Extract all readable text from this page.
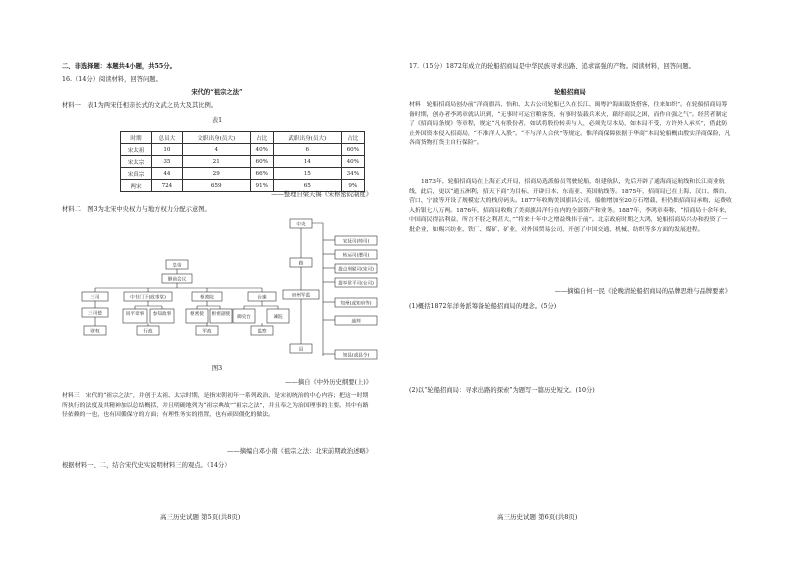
二、非选择题：本题共4小题，共55分。

16.（14分）阅读材料，回答问题。

宋代的“祖宗之法”

材料一　表1为两宋任相亲长式的文武之员大及其比例。

表1

时期	总员大	文职出身(员大)	占比	武职出身(员大)	占比
宋太祖	10	4	40%	6	60%
宋太宗	35	21	60%	14	40%
宋真宗	44	29	66%	15	34%
两宋	724	659	91%	65	9%

——整理自梁天锡《宋枢密院制度》

材料二　图3为北宋中央权力与地方权力分配示意图。

皇帝
御前会议
三司	中书门下(政事堂)	枢密院	台谏
三司使	同平章事 参知政事	枢密使 枢密副使
御史台	谏院
财权	行政	军政	监察
中央
路
府州军监
县
安抚司(帅司)
转运司(漕司)
提点刑狱司(宪司)
提举常平司(仓司)
知州(或知府等)
通判
知县(或县令)

图3

——摘自《中外历史纲要(上)》

材料三　宋代的“祖宗之法”，并创于太祖、太宗时期，是指宋朝初年一系列政治、是宋初统治的中心内容；把这一时期所执行的法度及其精神加以总结概括，并且明确地列为“祖宗典故”“祖宗之法”，并且奉之为治国理事的主要。其中有路径依赖的一也，也有因循保守的方面；有理性务实的措置，也有顽固僵化的做法。

——摘编自邓小南《祖宗之法：北宋前期政治述略》

根据材料一、二，结合宋代史实说明材料三的观点。（14分）

高三历史试题 第5页(共8页)

17.（15分）1872年成立的轮船招商局是中华民族寻求出路、追求富强的产物。阅读材料，回答问题。

轮船招商局

材料　轮船招商局创办前“洋商旗昌、怡和、太古公司轮船已久在长江、闽粤沪海面载货搭客，往来如织”。在轮船招商局筹备时期，创办者李鸿章就认识到，“无事时可运官粮客货，有事时装载兵米火，藉纾商民之困，而作自强之气”。经营者制定了《招商局条规》等章程，规定“凡有股份者，如试将股份转卖与人，必须先尽本局，如本局不受，方许外人承买”，借此防止外国资本侵入招商局，“不准洋人入股”。“不与洋人合伙”等规定。惟洋商保障依据于华商“本局轮船概由殷实洋商保险，凡各商货物打货主自行保险”。

1873年，轮船招商局在上海正式开局，招商局选派船员驾驶轮船，组建航队，先后开辟了通海商运航线和长江商业航线，此后，更以“通五洲利，招天下商”为目标，开辟日本、东南亚、英国航线等。1875年，招商局已在上海、汉口、烟台、营口、宁波等开设了规模宏大的栈房码头。1877年收购美国旗昌公司，船舶增加至20万石增载，但仍拙招商局承购，运费收入折银七八万两。1876年，招商局收购了美商旗昌洋行在内的全部资产和业务。1887年，李鸿章奏称，“招商局十余年来，中国商民得沾利益，所言不胫之利甚大，”“将来十年中之增益殊伟于前”。北京政府时期之大鸿，轮船招商局兴办和投资了一批企业，如赐兴纺业、铁厂、煤矿、矿业，对外国贸易公司，开创了中国交通、机械、纺织等多方面的发展进程。

——摘编自何一民《论晚清轮船招商局的品牌思维与品牌要素》

(1)概括1872年洋务派筹备轮船招商局的理念。(5分)

(2)以“轮船招商局：寻求出路的探索”为题写一篇历史短文。(10分)

高三历史试题 第6页(共8页)
